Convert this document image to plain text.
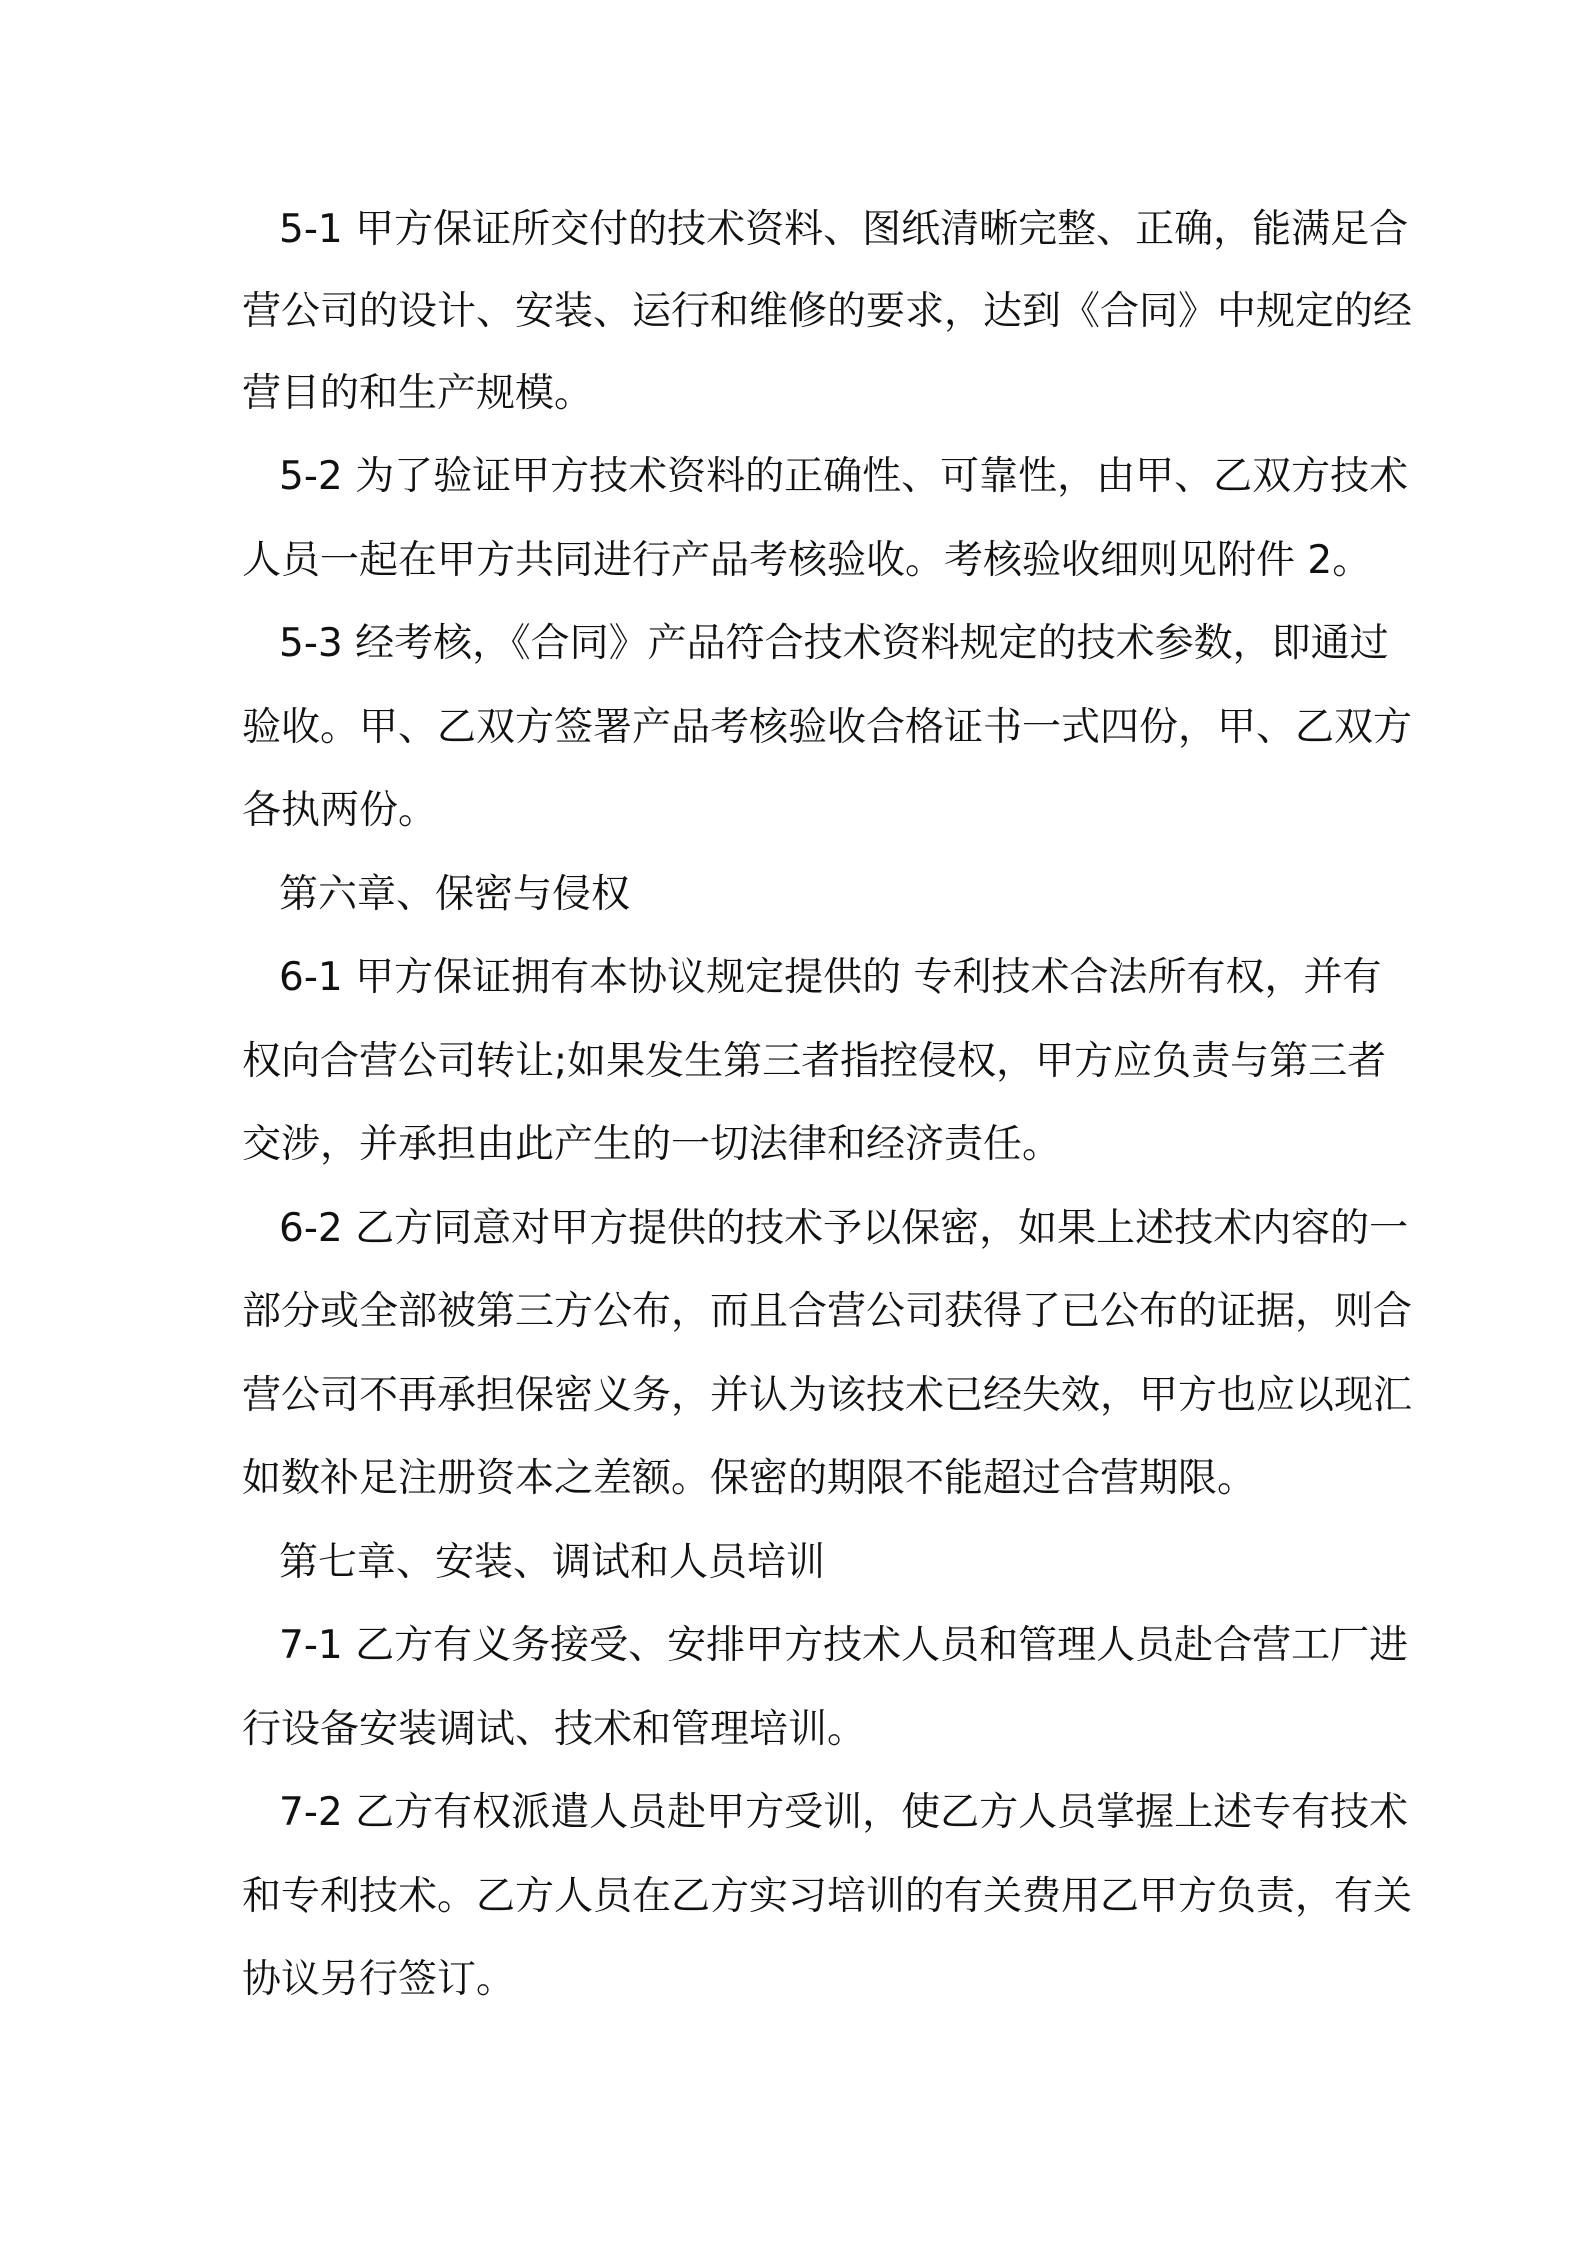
5-1 甲方保证所交付的技术资料、图纸清晰完整、正确，能满足合
营公司的设计、安装、运行和维修的要求，达到《合同》中规定的经
营目的和生产规模。
5-2 为了验证甲方技术资料的正确性、可靠性，由甲、乙双方技术
人员一起在甲方共同进行产品考核验收。考核验收细则见附件 2。
5-3 经考核，《合同》产品符合技术资料规定的技术参数，即通过
验收。甲、乙双方签署产品考核验收合格证书一式四份，甲、乙双方
各执两份。
第六章、保密与侵权
6-1 甲方保证拥有本协议规定提供的 专利技术合法所有权，并有
权向合营公司转让;如果发生第三者指控侵权，甲方应负责与第三者
交涉，并承担由此产生的一切法律和经济责任。
6-2 乙方同意对甲方提供的技术予以保密，如果上述技术内容的一
部分或全部被第三方公布，而且合营公司获得了已公布的证据，则合
营公司不再承担保密义务，并认为该技术已经失效，甲方也应以现汇
如数补足注册资本之差额。保密的期限不能超过合营期限。
第七章、安装、调试和人员培训
7-1 乙方有义务接受、安排甲方技术人员和管理人员赴合营工厂进
行设备安装调试、技术和管理培训。
7-2 乙方有权派遣人员赴甲方受训，使乙方人员掌握上述专有技术
和专利技术。乙方人员在乙方实习培训的有关费用乙甲方负责，有关
协议另行签订。
